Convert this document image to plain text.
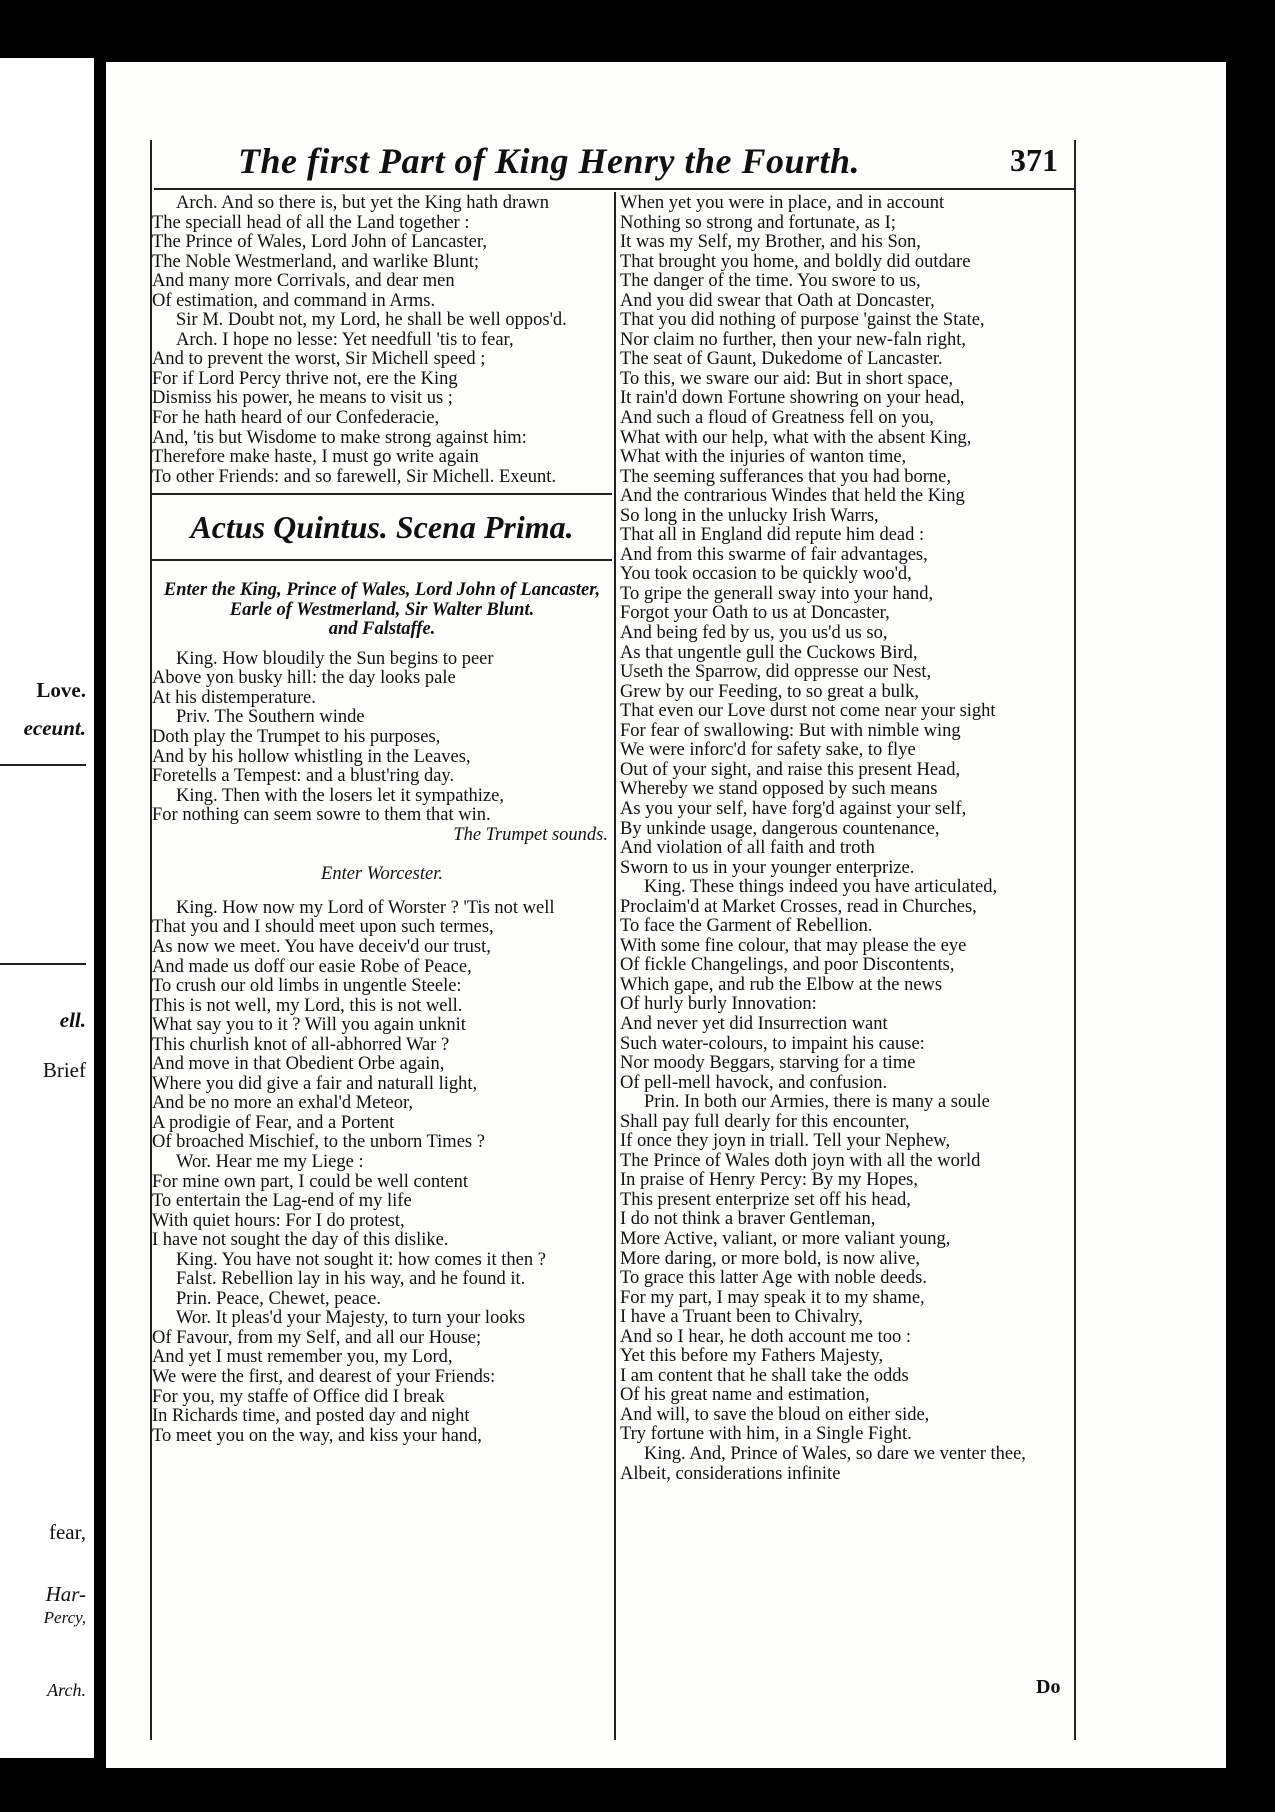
Love.
eceunt.
ell.
Brief
fear,
Har-
Percy,
Arch.
The first Part of King Henry the Fourth.	371
Arch. And so there is, but yet the King hath drawn
The speciall head of all the Land together :
The Prince of Wales, Lord John of Lancaster,
The Noble Westmerland, and warlike Blunt;
And many more Corrivals, and dear men
Of estimation, and command in Arms.
Sir M. Doubt not, my Lord, he shall be well oppos'd.
Arch. I hope no lesse: Yet needfull 'tis to fear,
And to prevent the worst, Sir Michell speed ;
For if Lord Percy thrive not, ere the King
Dismiss his power, he means to visit us ;
For he hath heard of our Confederacie,
And, 'tis but Wisdome to make strong against him:
Therefore make haste, I must go write again
To other Friends: and so farewell, Sir Michell. Exeunt.
Actus Quintus. Scena Prima.
Enter the King, Prince of Wales, Lord John of Lancaster,
Earle of Westmerland, Sir Walter Blunt.
and Falstaffe.
King. How bloudily the Sun begins to peer
Above yon busky hill: the day looks pale
At his distemperature.
Priv. The Southern winde
Doth play the Trumpet to his purposes,
And by his hollow whistling in the Leaves,
Foretells a Tempest: and a blust'ring day.
King. Then with the losers let it sympathize,
For nothing can seem sowre to them that win.
The Trumpet sounds.
Enter Worcester.
King. How now my Lord of Worster ? 'Tis not well
That you and I should meet upon such termes,
As now we meet. You have deceiv'd our trust,
And made us doff our easie Robe of Peace,
To crush our old limbs in ungentle Steele:
This is not well, my Lord, this is not well.
What say you to it ? Will you again unknit
This churlish knot of all-abhorred War ?
And move in that Obedient Orbe again,
Where you did give a fair and naturall light,
And be no more an exhal'd Meteor,
A prodigie of Fear, and a Portent
Of broached Mischief, to the unborn Times ?
Wor. Hear me my Liege :
For mine own part, I could be well content
To entertain the Lag-end of my life
With quiet hours: For I do protest,
I have not sought the day of this dislike.
King. You have not sought it: how comes it then ?
Falst. Rebellion lay in his way, and he found it.
Prin. Peace, Chewet, peace.
Wor. It pleas'd your Majesty, to turn your looks
Of Favour, from my Self, and all our House;
And yet I must remember you, my Lord,
We were the first, and dearest of your Friends:
For you, my staffe of Office did I break
In Richards time, and posted day and night
To meet you on the way, and kiss your hand,
When yet you were in place, and in account
Nothing so strong and fortunate, as I;
It was my Self, my Brother, and his Son,
That brought you home, and boldly did outdare
The danger of the time. You swore to us,
And you did swear that Oath at Doncaster,
That you did nothing of purpose 'gainst the State,
Nor claim no further, then your new-faln right,
The seat of Gaunt, Dukedome of Lancaster.
To this, we sware our aid: But in short space,
It rain'd down Fortune showring on your head,
And such a floud of Greatness fell on you,
What with our help, what with the absent King,
What with the injuries of wanton time,
The seeming sufferances that you had borne,
And the contrarious Windes that held the King
So long in the unlucky Irish Warrs,
That all in England did repute him dead :
And from this swarme of fair advantages,
You took occasion to be quickly woo'd,
To gripe the generall sway into your hand,
Forgot your Oath to us at Doncaster,
And being fed by us, you us'd us so,
As that ungentle gull the Cuckows Bird,
Useth the Sparrow, did oppresse our Nest,
Grew by our Feeding, to so great a bulk,
That even our Love durst not come near your sight
For fear of swallowing: But with nimble wing
We were inforc'd for safety sake, to flye
Out of your sight, and raise this present Head,
Whereby we stand opposed by such means
As you your self, have forg'd against your self,
By unkinde usage, dangerous countenance,
And violation of all faith and troth
Sworn to us in your younger enterprize.
King. These things indeed you have articulated,
Proclaim'd at Market Crosses, read in Churches,
To face the Garment of Rebellion.
With some fine colour, that may please the eye
Of fickle Changelings, and poor Discontents,
Which gape, and rub the Elbow at the news
Of hurly burly Innovation:
And never yet did Insurrection want
Such water-colours, to impaint his cause:
Nor moody Beggars, starving for a time
Of pell-mell havock, and confusion.
Prin. In both our Armies, there is many a soule
Shall pay full dearly for this encounter,
If once they joyn in triall. Tell your Nephew,
The Prince of Wales doth joyn with all the world
In praise of Henry Percy: By my Hopes,
This present enterprize set off his head,
I do not think a braver Gentleman,
More Active, valiant, or more valiant young,
More daring, or more bold, is now alive,
To grace this latter Age with noble deeds.
For my part, I may speak it to my shame,
I have a Truant been to Chivalry,
And so I hear, he doth account me too :
Yet this before my Fathers Majesty,
I am content that he shall take the odds
Of his great name and estimation,
And will, to save the bloud on either side,
Try fortune with him, in a Single Fight.
King. And, Prince of Wales, so dare we venter thee,
Albeit, considerations infinite
Do
